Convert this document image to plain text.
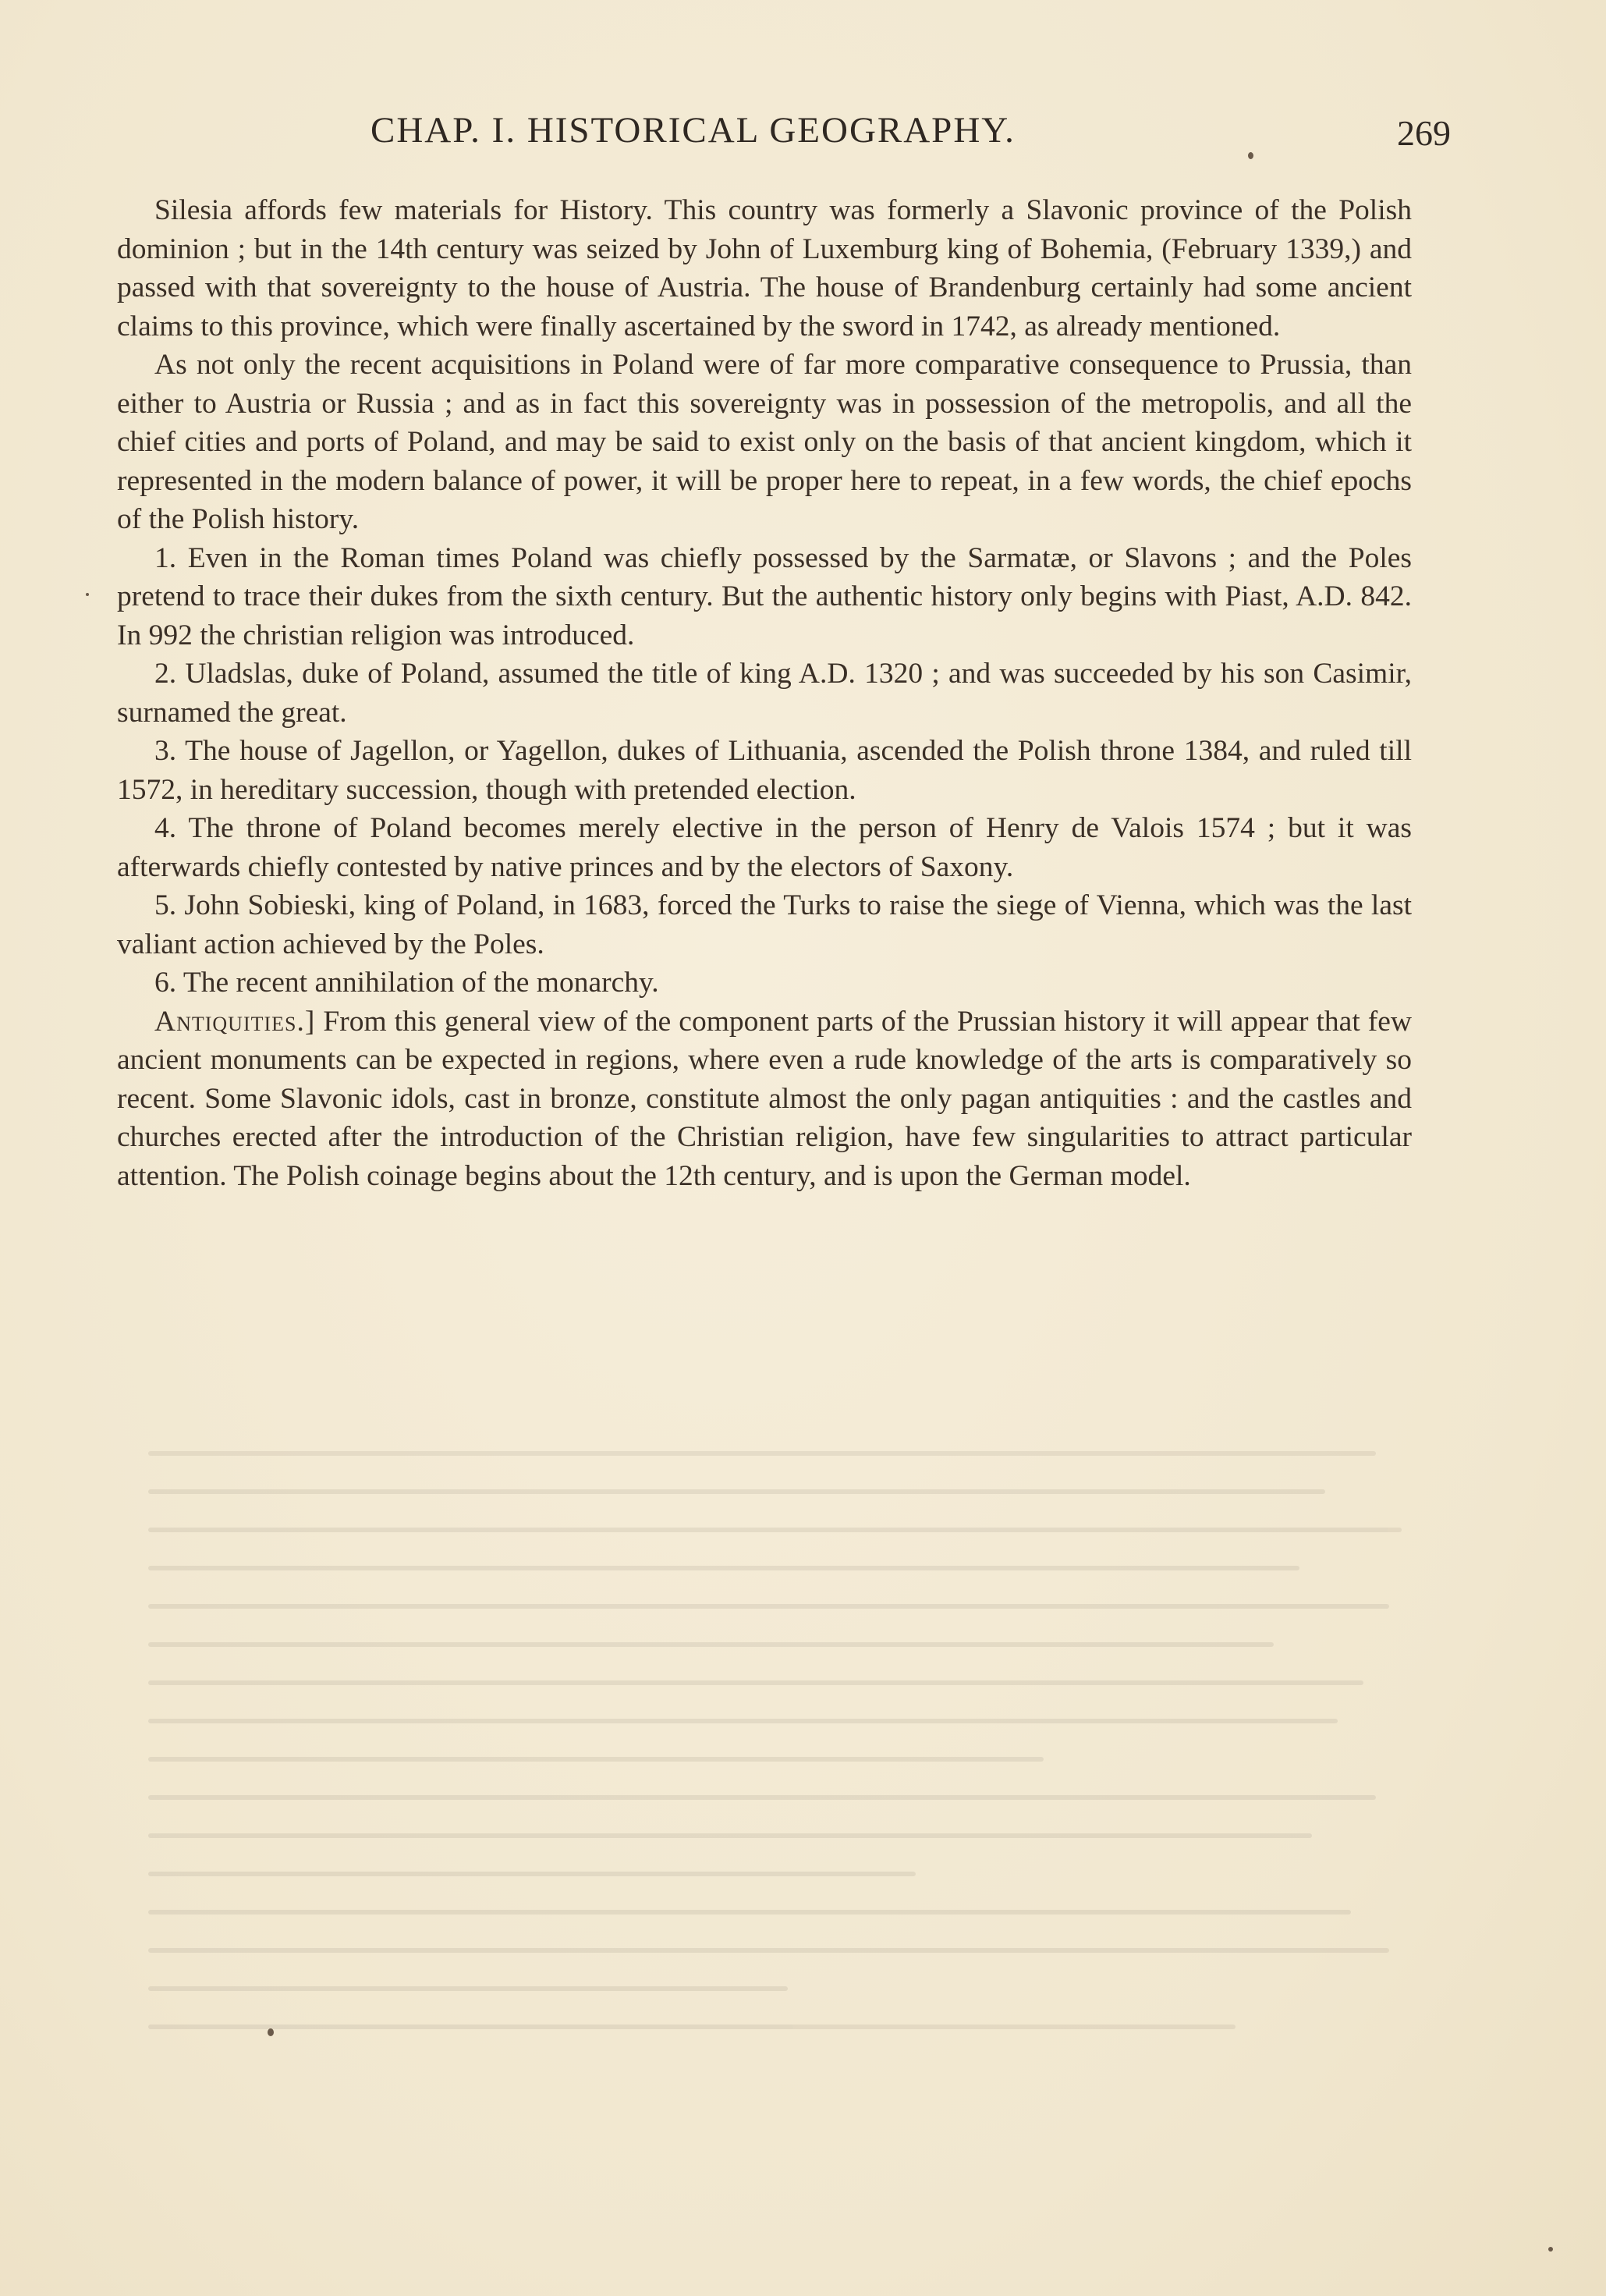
CHAP. I. HISTORICAL GEOGRAPHY.	269

Silesia affords few materials for History. This country was formerly a Slavonic province of the Polish dominion ; but in the 14th century was seized by John of Luxemburg king of Bohemia, (February 1339,) and passed with that sovereignty to the house of Austria. The house of Brandenburg certainly had some ancient claims to this province, which were finally ascertained by the sword in 1742, as already mentioned.

As not only the recent acquisitions in Poland were of far more comparative consequence to Prussia, than either to Austria or Russia ; and as in fact this sovereignty was in possession of the metropolis, and all the chief cities and ports of Poland, and may be said to exist only on the basis of that ancient kingdom, which it represented in the modern balance of power, it will be proper here to repeat, in a few words, the chief epochs of the Polish history.

1. Even in the Roman times Poland was chiefly possessed by the Sarmatæ, or Slavons ; and the Poles pretend to trace their dukes from the sixth century. But the authentic history only begins with Piast, A.D. 842. In 992 the christian religion was introduced.

2. Uladslas, duke of Poland, assumed the title of king A.D. 1320 ; and was succeeded by his son Casimir, surnamed the great.

3. The house of Jagellon, or Yagellon, dukes of Lithuania, ascended the Polish throne 1384, and ruled till 1572, in hereditary succession, though with pretended election.

4. The throne of Poland becomes merely elective in the person of Henry de Valois 1574 ; but it was afterwards chiefly contested by native princes and by the electors of Saxony.

5. John Sobieski, king of Poland, in 1683, forced the Turks to raise the siege of Vienna, which was the last valiant action achieved by the Poles.

6. The recent annihilation of the monarchy.

Antiquities.] From this general view of the component parts of the Prussian history it will appear that few ancient monuments can be expected in regions, where even a rude knowledge of the arts is comparatively so recent. Some Slavonic idols, cast in bronze, constitute almost the only pagan antiquities : and the castles and churches erected after the introduction of the Christian religion, have few singularities to attract particular attention. The Polish coinage begins about the 12th century, and is upon the German model.
